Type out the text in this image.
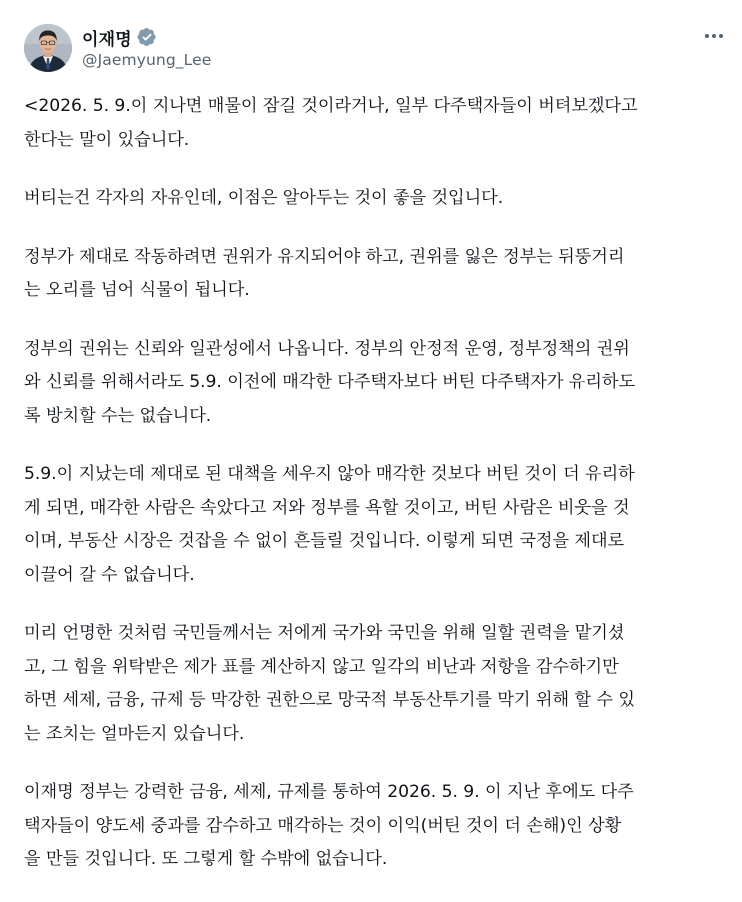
이재명
@Jaemyung_Lee

<2026. 5. 9.이 지나면 매물이 잠길 것이라거나, 일부 다주택자들이 버텨보겠다고
한다는 말이 있습니다.

버티는건 각자의 자유인데, 이점은 알아두는 것이 좋을 것입니다.

정부가 제대로 작동하려면 권위가 유지되어야 하고, 권위를 잃은 정부는 뒤뚱거리
는 오리를 넘어 식물이 됩니다.

정부의 권위는 신뢰와 일관성에서 나옵니다. 정부의 안정적 운영, 정부정책의 권위
와 신뢰를 위해서라도 5.9. 이전에 매각한 다주택자보다 버틴 다주택자가 유리하도
록 방치할 수는 없습니다.

5.9.이 지났는데 제대로 된 대책을 세우지 않아 매각한 것보다 버틴 것이 더 유리하
게 되면, 매각한 사람은 속았다고 저와 정부를 욕할 것이고, 버틴 사람은 비웃을 것
이며, 부동산 시장은 것잡을 수 없이 흔들릴 것입니다. 이렇게 되면 국정을 제대로
이끌어 갈 수 없습니다.

미리 언명한 것처럼 국민들께서는 저에게 국가와 국민을 위해 일할 권력을 맡기셨
고, 그 힘을 위탁받은 제가 표를 계산하지 않고 일각의 비난과 저항을 감수하기만
하면 세제, 금융, 규제 등 막강한 권한으로 망국적 부동산투기를 막기 위해 할 수 있
는 조치는 얼마든지 있습니다.

이재명 정부는 강력한 금융, 세제, 규제를 통하여 2026. 5. 9. 이 지난 후에도 다주
택자들이 양도세 중과를 감수하고 매각하는 것이 이익(버틴 것이 더 손해)인 상황
을 만들 것입니다. 또 그렇게 할 수밖에 없습니다.
